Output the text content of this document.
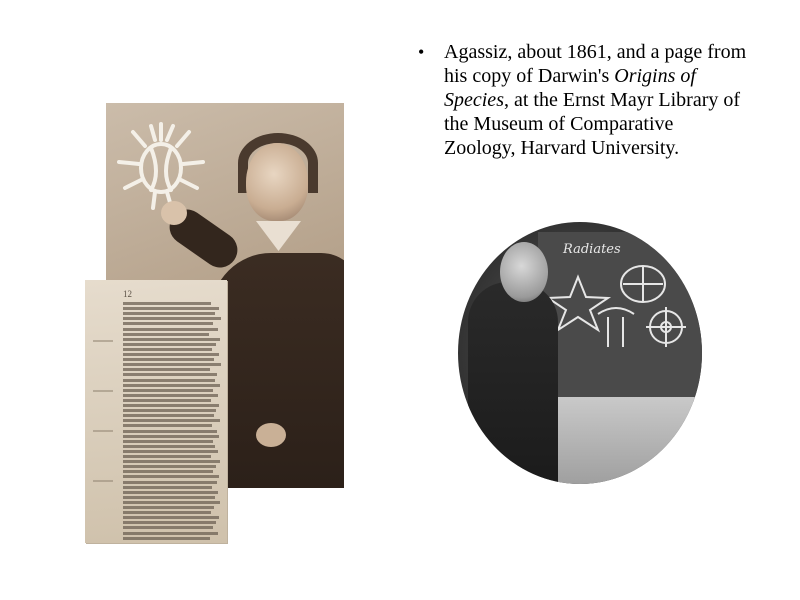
12
• Agassiz, about 1861, and a page from his copy of Darwin's Origins of Species, at the Ernst Mayr Library of the Museum of Comparative Zoology, Harvard University.
Radiates
